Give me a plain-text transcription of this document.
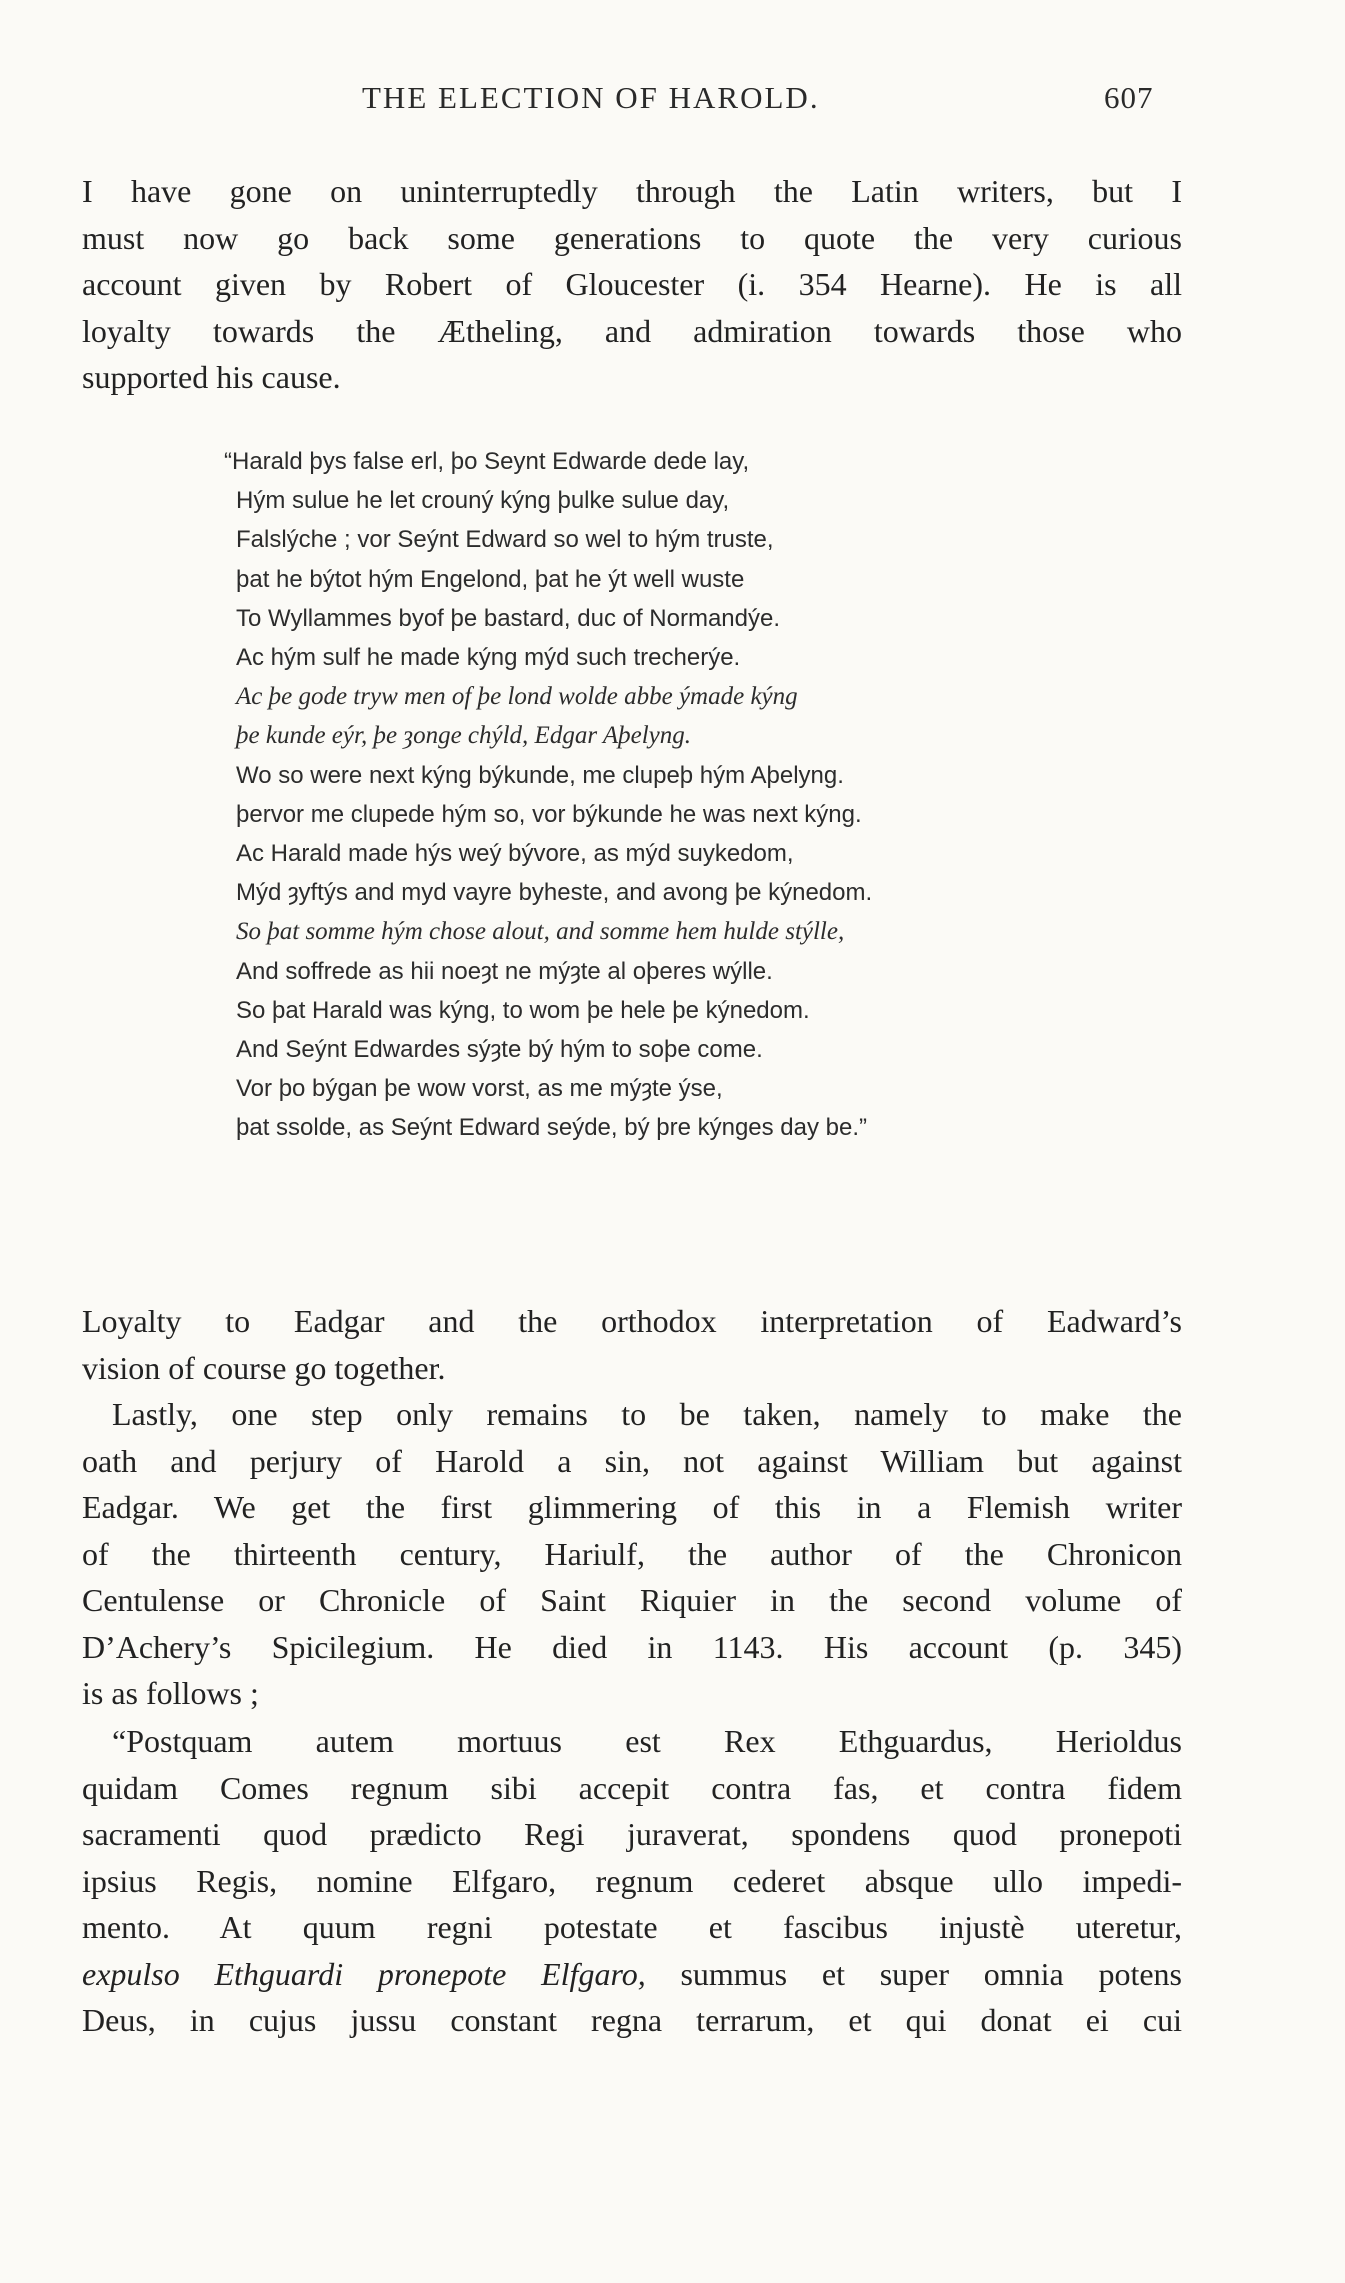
THE ELECTION OF HAROLD.	607

I have gone on uninterruptedly through the Latin writers, but I
must now go back some generations to quote the very curious
account given by Robert of Gloucester (i. 354 Hearne). He is all
loyalty towards the Ætheling, and admiration towards those who
supported his cause.

“Harald þys false erl, þo Seynt Edwarde dede lay,
Hým sulue he let crouný kýng þulke sulue day,
Falslýche ; vor Seýnt Edward so wel to hým truste,
þat he býtot hým Engelond, þat he ýt well wuste
To Wyllammes byof þe bastard, duc of Normandýe.
Ac hým sulf he made kýng mýd such trecherýe.
Ac þe gode tryw men of þe lond wolde abbe ýmade kýng
þe kunde eýr, þe ȝonge chýld, Edgar Aþelyng.
Wo so were next kýng býkunde, me clupeþ hým Aþelyng.
þervor me clupede hým so, vor býkunde he was next kýng.
Ac Harald made hýs weý bývore, as mýd suykedom,
Mýd ȝyftýs and myd vayre byheste, and avong þe kýnedom.
So þat somme hým chose alout, and somme hem hulde stýlle,
And soffrede as hii noeȝt ne mýȝte al oþeres wýlle.
So þat Harald was kýng, to wom þe hele þe kýnedom.
And Seýnt Edwardes sýȝte bý hým to soþe come.
Vor þo býgan þe wow vorst, as me mýȝte ýse,
þat ssolde, as Seýnt Edward seýde, bý þre kýnges day be.”

Loyalty to Eadgar and the orthodox interpretation of Eadward’s
vision of course go together.

Lastly, one step only remains to be taken, namely to make the
oath and perjury of Harold a sin, not against William but against
Eadgar. We get the first glimmering of this in a Flemish writer
of the thirteenth century, Hariulf, the author of the Chronicon
Centulense or Chronicle of Saint Riquier in the second volume of
D’Achery’s Spicilegium. He died in 1143. His account (p. 345)
is as follows ;

“Postquam autem mortuus est Rex Ethguardus, Herioldus
quidam Comes regnum sibi accepit contra fas, et contra fidem
sacramenti quod prædicto Regi juraverat, spondens quod pronepoti
ipsius Regis, nomine Elfgaro, regnum cederet absque ullo impedi-
mento. At quum regni potestate et fascibus injustè uteretur,
expulso Ethguardi pronepote Elfgaro, summus et super omnia potens
Deus, in cujus jussu constant regna terrarum, et qui donat ei cui
